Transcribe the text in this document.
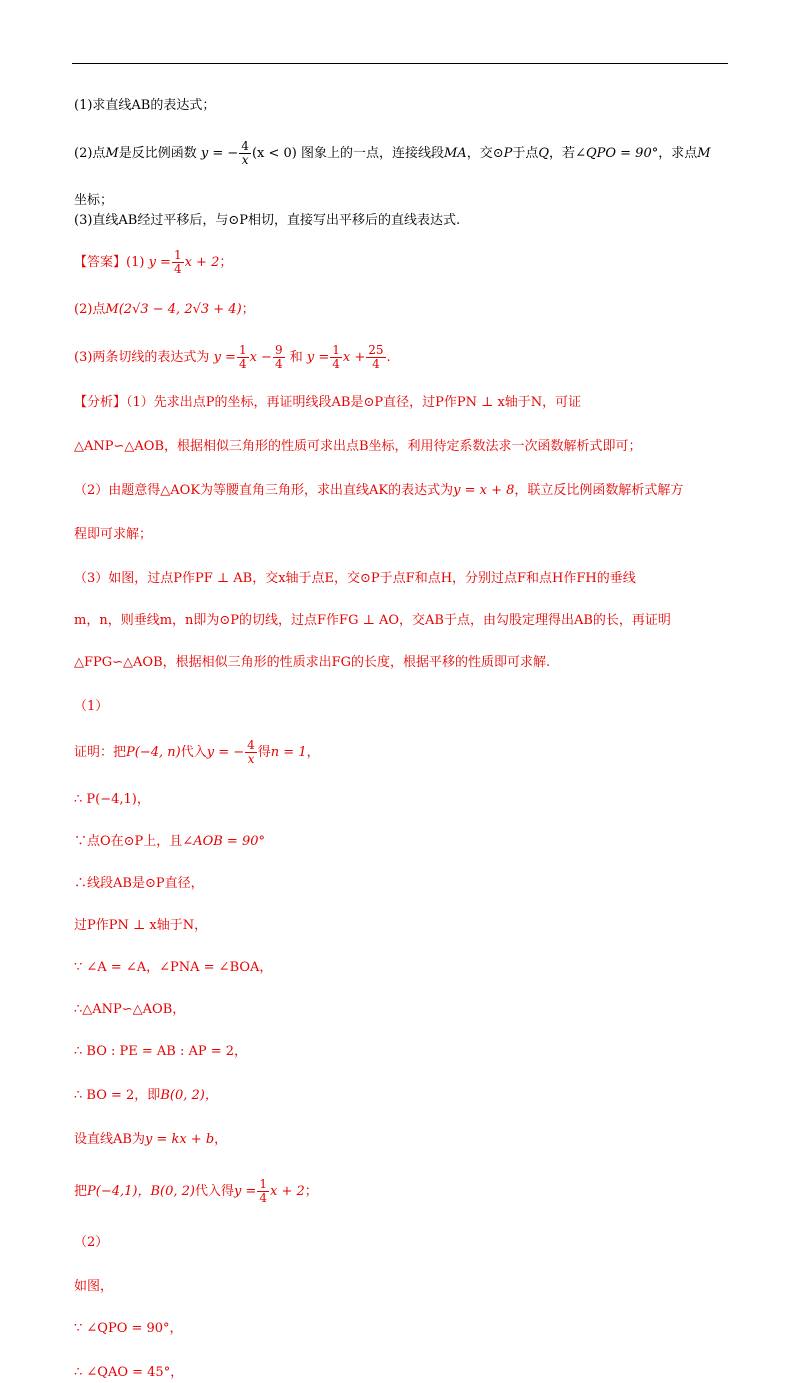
(1)求直线AB的表达式；
(2)点M是反比例函数 y = − $\frac{4}{x} (x < 0)$ 图象上的一点，连接线段MA，交⊙P于点Q，若∠QPO = 90°，求点M
坐标；
(3)直线AB经过平移后，与⊙P相切，直接写出平移后的直线表达式.
【答案】(1) $y = \frac{1}{4}$ x + 2；
(2)点M(2√3 − 4, 2√3 + 4)；
(3)两条切线的表达式为 $y = \frac{1}{4}$ $x - \frac{9}{4}$ 和 $y = \frac{1}{4}$ $x + \frac{25}{4}$ .
【分析】（1）先求出点P的坐标，再证明线段AB是⊙P直径，过P作PN ⊥ x轴于N，可证
△ANP∽△AOB，根据相似三角形的性质可求出点B坐标，利用待定系数法求一次函数解析式即可；
（2）由题意得△AOK为等腰直角三角形，求出直线AK的表达式为y = x + 8，联立反比例函数解析式解方
程即可求解；
（3）如图，过点P作PF ⊥ AB，交x轴于点E，交⊙P于点F和点H，分别过点F和点H作FH的垂线
m，n，则垂线m，n即为⊙P的切线，过点F作FG ⊥ AO，交AB于点，由勾股定理得出AB的长，再证明
△FPG∽△AOB，根据相似三角形的性质求出FG的长度，根据平移的性质即可求解.
（1）
证明：把P(−4, n)代入y = − $\frac{4}{x}$ 得n = 1，
∴ P(−4,1)，
∵点O在⊙P上，且∠AOB = 90°
∴线段AB是⊙P直径，
过P作PN ⊥ x轴于N，
∵ ∠A = ∠A，∠PNA = ∠BOA，
∴△ANP∽△AOB，
∴ BO : PE = AB : AP = 2，
∴ BO = 2，即B(0, 2)，
设直线AB为y = kx + b，
把P(−4,1)，B(0, 2)代入得$y = \frac{1}{4}$ x + 2；
（2）
如图，
∵ ∠QPO = 90°，
∴ ∠QAO = 45°，
